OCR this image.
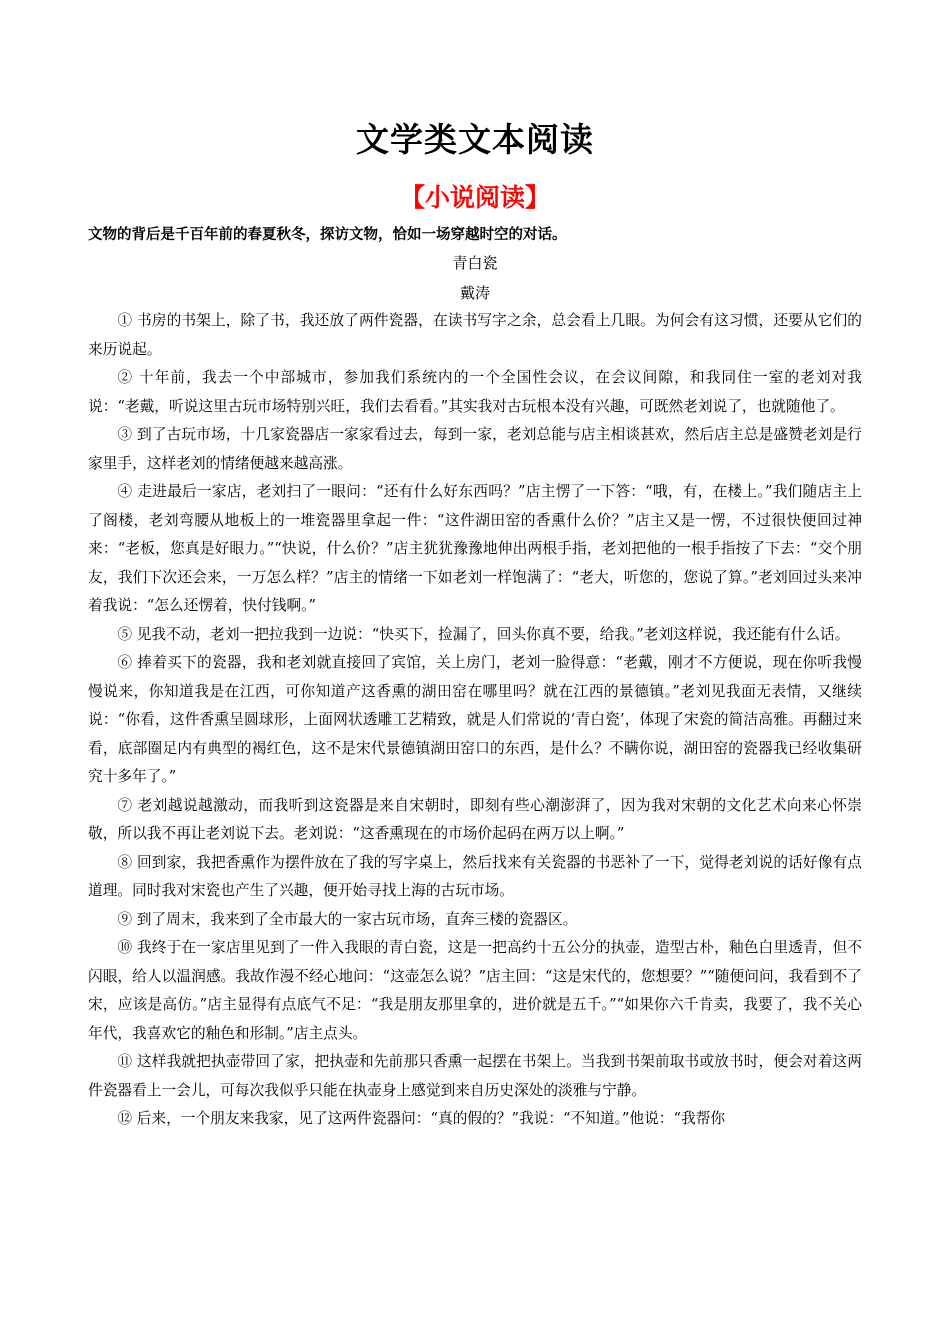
文学类文本阅读
【小说阅读】
文物的背后是千百年前的春夏秋冬，探访文物，恰如一场穿越时空的对话。
青白瓷
戴涛

① 书房的书架上，除了书，我还放了两件瓷器，在读书写字之余，总会看上几眼。为何会有这习惯，还要从它们的来历说起。

② 十年前，我去一个中部城市，参加我们系统内的一个全国性会议，在会议间隙，和我同住一室的老刘对我说：“老戴，听说这里古玩市场特别兴旺，我们去看看。”其实我对古玩根本没有兴趣，可既然老刘说了，也就随他了。

③ 到了古玩市场，十几家瓷器店一家家看过去，每到一家，老刘总能与店主相谈甚欢，然后店主总是盛赞老刘是行家里手，这样老刘的情绪便越来越高涨。

④ 走进最后一家店，老刘扫了一眼问：“还有什么好东西吗？”店主愣了一下答：“哦，有，在楼上。”我们随店主上了阁楼，老刘弯腰从地板上的一堆瓷器里拿起一件：“这件湖田窑的香熏什么价？”店主又是一愣，不过很快便回过神来：“老板，您真是好眼力。”“快说，什么价？”店主犹犹豫豫地伸出两根手指，老刘把他的一根手指按了下去：“交个朋友，我们下次还会来，一万怎么样？”店主的情绪一下如老刘一样饱满了：“老大，听您的，您说了算。”老刘回过头来冲着我说：“怎么还愣着，快付钱啊。”

⑤ 见我不动，老刘一把拉我到一边说：“快买下，捡漏了，回头你真不要，给我。”老刘这样说，我还能有什么话。

⑥ 捧着买下的瓷器，我和老刘就直接回了宾馆，关上房门，老刘一脸得意：“老戴，刚才不方便说，现在你听我慢慢说来，你知道我是在江西，可你知道产这香熏的湖田窑在哪里吗？就在江西的景德镇。”老刘见我面无表情，又继续说：“你看，这件香熏呈圆球形，上面网状透雕工艺精致，就是人们常说的‘青白瓷’，体现了宋瓷的简洁高雅。再翻过来看，底部圈足内有典型的褐红色，这不是宋代景德镇湖田窑口的东西，是什么？不瞒你说，湖田窑的瓷器我已经收集研究十多年了。”

⑦ 老刘越说越激动，而我听到这瓷器是来自宋朝时，即刻有些心潮澎湃了，因为我对宋朝的文化艺术向来心怀崇敬，所以我不再让老刘说下去。老刘说：“这香熏现在的市场价起码在两万以上啊。”

⑧ 回到家，我把香熏作为摆件放在了我的写字桌上，然后找来有关瓷器的书恶补了一下，觉得老刘说的话好像有点道理。同时我对宋瓷也产生了兴趣，便开始寻找上海的古玩市场。

⑨ 到了周末，我来到了全市最大的一家古玩市场，直奔三楼的瓷器区。

⑩ 我终于在一家店里见到了一件入我眼的青白瓷，这是一把高约十五公分的执壶，造型古朴，釉色白里透青，但不闪眼，给人以温润感。我故作漫不经心地问：“这壶怎么说？”店主回：“这是宋代的，您想要？”“随便问问，我看到不了宋，应该是高仿。”店主显得有点底气不足：“我是朋友那里拿的，进价就是五千。”“如果你六千肯卖，我要了，我不关心年代，我喜欢它的釉色和形制。”店主点头。

⑪ 这样我就把执壶带回了家，把执壶和先前那只香熏一起摆在书架上。当我到书架前取书或放书时，便会对着这两件瓷器看上一会儿，可每次我似乎只能在执壶身上感觉到来自历史深处的淡雅与宁静。

⑫ 后来，一个朋友来我家，见了这两件瓷器问：“真的假的？”我说：“不知道。”他说：“我帮你
